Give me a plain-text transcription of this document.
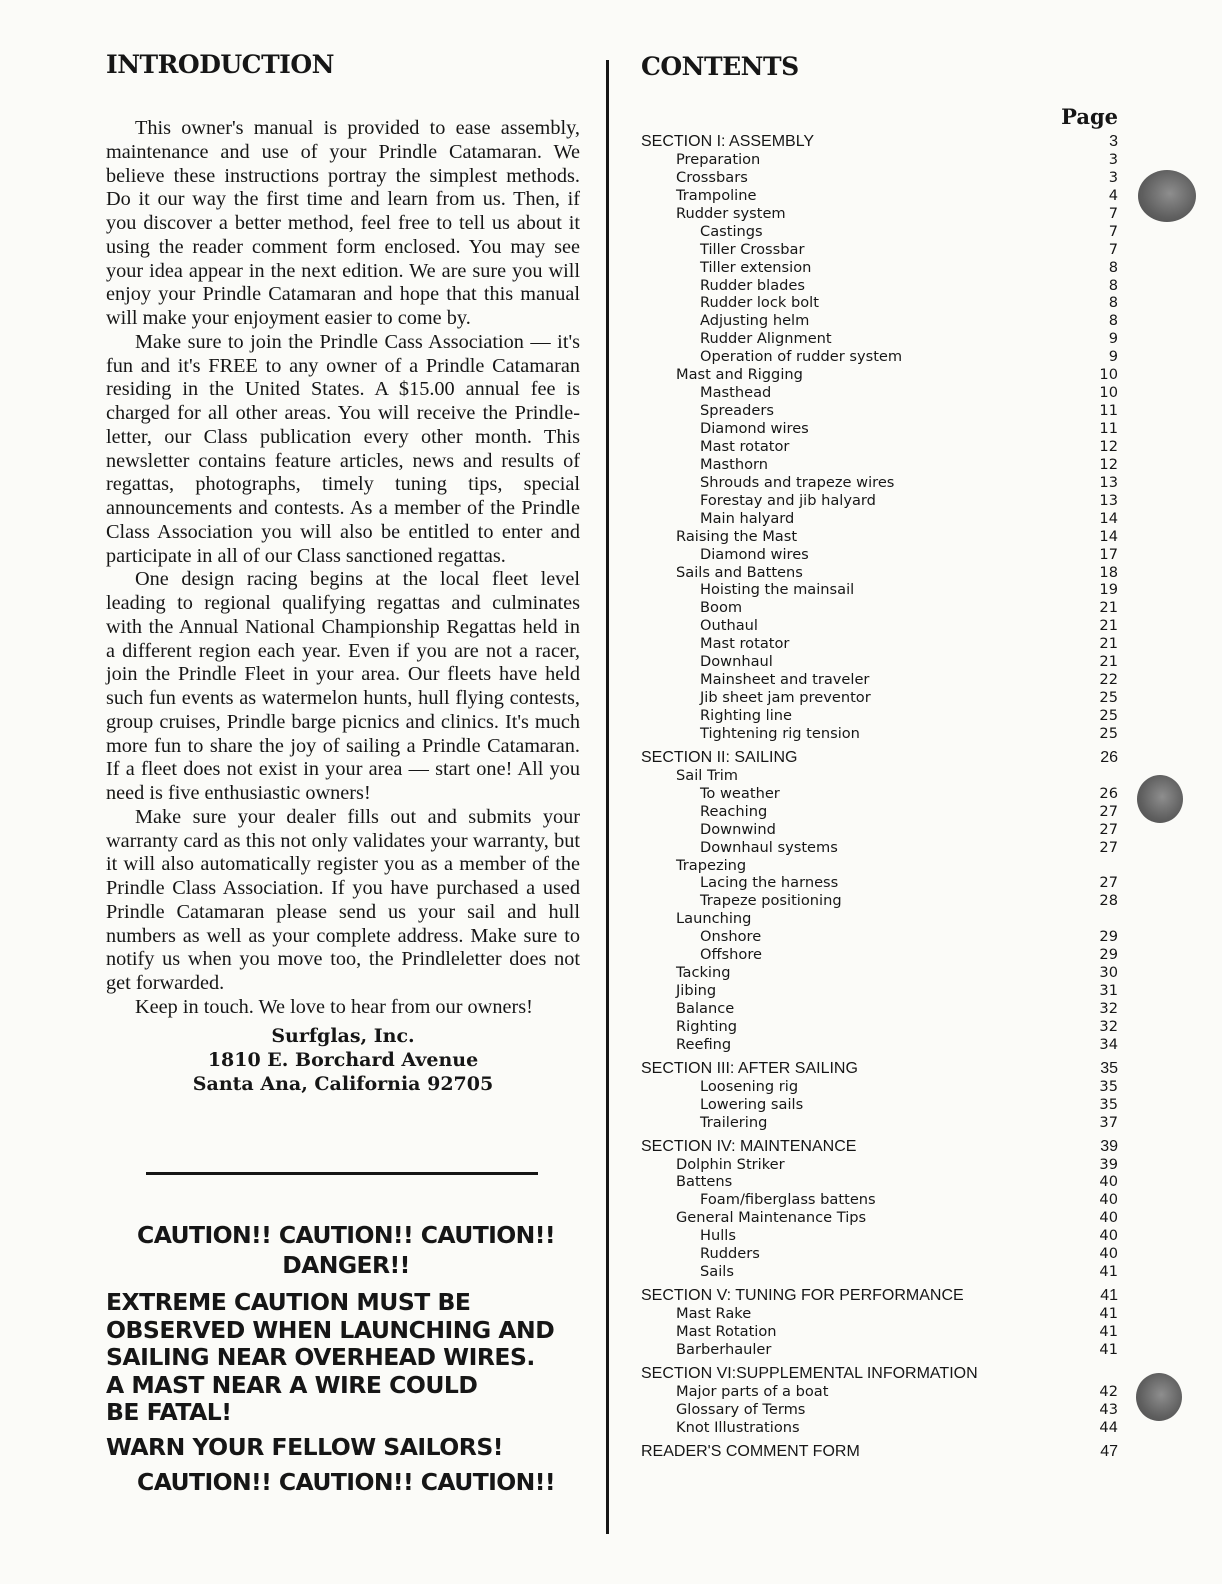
INTRODUCTION

This owner's manual is provided to ease assembly, maintenance and use of your Prindle Catamaran. We believe these instructions portray the simplest methods. Do it our way the first time and learn from us. Then, if you discover a better method, feel free to tell us about it using the reader comment form enclosed. You may see your idea appear in the next edition. We are sure you will enjoy your Prindle Catamaran and hope that this manual will make your enjoyment easier to come by.

Make sure to join the Prindle Cass Association — it's fun and it's FREE to any owner of a Prindle Catamaran residing in the United States. A $15.00 annual fee is charged for all other areas. You will receive the Prindle-letter, our Class publication every other month. This newsletter contains feature articles, news and results of regattas, photographs, timely tuning tips, special announcements and contests. As a member of the Prindle Class Association you will also be entitled to enter and participate in all of our Class sanctioned regattas.

One design racing begins at the local fleet level leading to regional qualifying regattas and culminates with the Annual National Championship Regattas held in a different region each year. Even if you are not a racer, join the Prindle Fleet in your area. Our fleets have held such fun events as watermelon hunts, hull flying contests, group cruises, Prindle barge picnics and clinics. It's much more fun to share the joy of sailing a Prindle Catamaran. If a fleet does not exist in your area — start one! All you need is five enthusiastic owners!

Make sure your dealer fills out and submits your warranty card as this not only validates your warranty, but it will also automatically register you as a member of the Prindle Class Association. If you have purchased a used Prindle Catamaran please send us your sail and hull numbers as well as your complete address. Make sure to notify us when you move too, the Prindleletter does not get forwarded.

Keep in touch. We love to hear from our owners!

Surfglas, Inc.
1810 E. Borchard Avenue
Santa Ana, California 92705
CAUTION!! CAUTION!! CAUTION!!
DANGER!!
EXTREME CAUTION MUST BE
OBSERVED WHEN LAUNCHING AND
SAILING NEAR OVERHEAD WIRES.
A MAST NEAR A WIRE COULD
BE FATAL!
WARN YOUR FELLOW SAILORS!
CAUTION!! CAUTION!! CAUTION!!
CONTENTS
Page
SECTION I: ASSEMBLY	3
Preparation	3
Crossbars	3
Trampoline	4
Rudder system	7
Castings	7
Tiller Crossbar	7
Tiller extension	8
Rudder blades	8
Rudder lock bolt	8
Adjusting helm	8
Rudder Alignment	9
Operation of rudder system	9
Mast and Rigging	10
Masthead	10
Spreaders	11
Diamond wires	11
Mast rotator	12
Masthorn	12
Shrouds and trapeze wires	13
Forestay and jib halyard	13
Main halyard	14
Raising the Mast	14
Diamond wires	17
Sails and Battens	18
Hoisting the mainsail	19
Boom	21
Outhaul	21
Mast rotator	21
Downhaul	21
Mainsheet and traveler	22
Jib sheet jam preventor	25
Righting line	25
Tightening rig tension	25
SECTION II: SAILING	26
Sail Trim
To weather	26
Reaching	27
Downwind	27
Downhaul systems	27
Trapezing
Lacing the harness	27
Trapeze positioning	28
Launching
Onshore	29
Offshore	29
Tacking	30
Jibing	31
Balance	32
Righting	32
Reefing	34
SECTION III: AFTER SAILING	35
Loosening rig	35
Lowering sails	35
Trailering	37
SECTION IV: MAINTENANCE	39
Dolphin Striker	39
Battens	40
Foam/fiberglass battens	40
General Maintenance Tips	40
Hulls	40
Rudders	40
Sails	41
SECTION V: TUNING FOR PERFORMANCE	41
Mast Rake	41
Mast Rotation	41
Barberhauler	41
SECTION VI:SUPPLEMENTAL INFORMATION
Major parts of a boat	42
Glossary of Terms	43
Knot Illustrations	44
READER'S COMMENT FORM	47
